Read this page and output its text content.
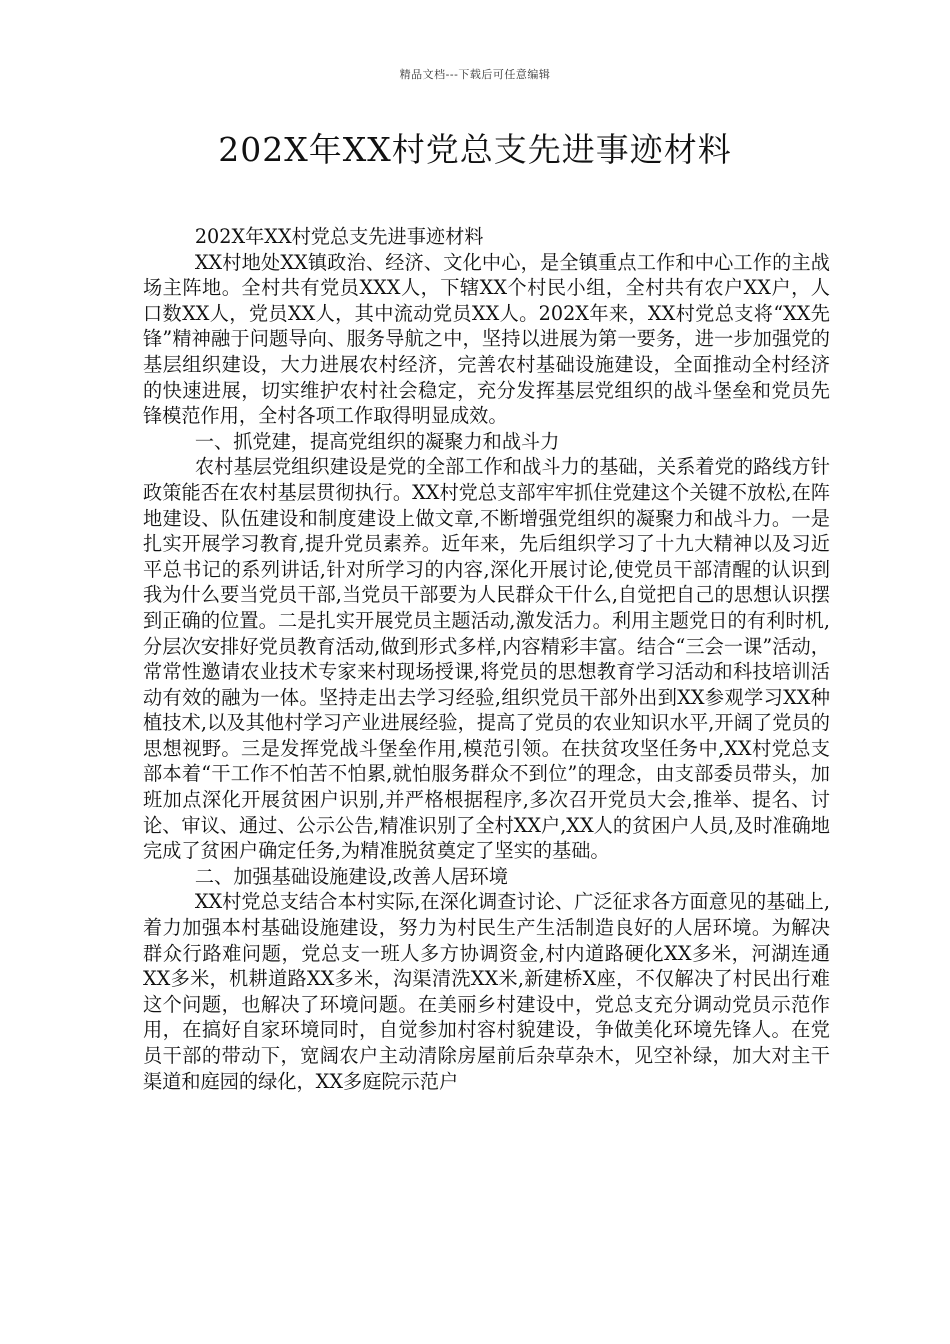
精品文档---下载后可任意编辑
202X年XX村党总支先进事迹材料

202X年XX村党总支先进事迹材料

XX村地处XX镇政治、经济、文化中心，是全镇重点工作和中心工作的主战场主阵地。全村共有党员XXX人，下辖XX个村民小组，全村共有农户XX户，人口数XX人，党员XX人，其中流动党员XX人。202X年来，XX村党总支将“XX先锋”精神融于问题导向、服务导航之中，坚持以进展为第一要务，进一步加强党的基层组织建设，大力进展农村经济，完善农村基础设施建设，全面推动全村经济的快速进展，切实维护农村社会稳定，充分发挥基层党组织的战斗堡垒和党员先锋模范作用，全村各项工作取得明显成效。

一、抓党建，提高党组织的凝聚力和战斗力

农村基层党组织建设是党的全部工作和战斗力的基础，关系着党的路线方针政策能否在农村基层贯彻执行。XX村党总支部牢牢抓住党建这个关键不放松,在阵地建设、队伍建设和制度建设上做文章,不断增强党组织的凝聚力和战斗力。一是扎实开展学习教育,提升党员素养。近年来，先后组织学习了十九大精神以及习近平总书记的系列讲话,针对所学习的内容,深化开展讨论,使党员干部清醒的认识到我为什么要当党员干部,当党员干部要为人民群众干什么,自觉把自己的思想认识摆到正确的位置。二是扎实开展党员主题活动,激发活力。利用主题党日的有利时机,分层次安排好党员教育活动,做到形式多样,内容精彩丰富。结合“三会一课”活动，常常性邀请农业技术专家来村现场授课,将党员的思想教育学习活动和科技培训活动有效的融为一体。坚持走出去学习经验,组织党员干部外出到XX参观学习XX种植技术,以及其他村学习产业进展经验，提高了党员的农业知识水平,开阔了党员的思想视野。三是发挥党战斗堡垒作用,模范引领。在扶贫攻坚任务中,XX村党总支部本着“干工作不怕苦不怕累,就怕服务群众不到位”的理念，由支部委员带头，加班加点深化开展贫困户识别,并严格根据程序,多次召开党员大会,推举、提名、讨论、审议、通过、公示公告,精准识别了全村XX户,XX人的贫困户人员,及时准确地完成了贫困户确定任务,为精准脱贫奠定了坚实的基础。

二、加强基础设施建设,改善人居环境

XX村党总支结合本村实际,在深化调查讨论、广泛征求各方面意见的基础上,着力加强本村基础设施建设，努力为村民生产生活制造良好的人居环境。为解决群众行路难问题，党总支一班人多方协调资金,村内道路硬化XX多米，河湖连通XX多米，机耕道路XX多米，沟渠清洗XX米,新建桥X座，不仅解决了村民出行难这个问题，也解决了环境问题。在美丽乡村建设中，党总支充分调动党员示范作用，在搞好自家环境同时，自觉参加村容村貌建设，争做美化环境先锋人。在党员干部的带动下，宽阔农户主动清除房屋前后杂草杂木，见空补绿，加大对主干渠道和庭园的绿化，XX多庭院示范户
